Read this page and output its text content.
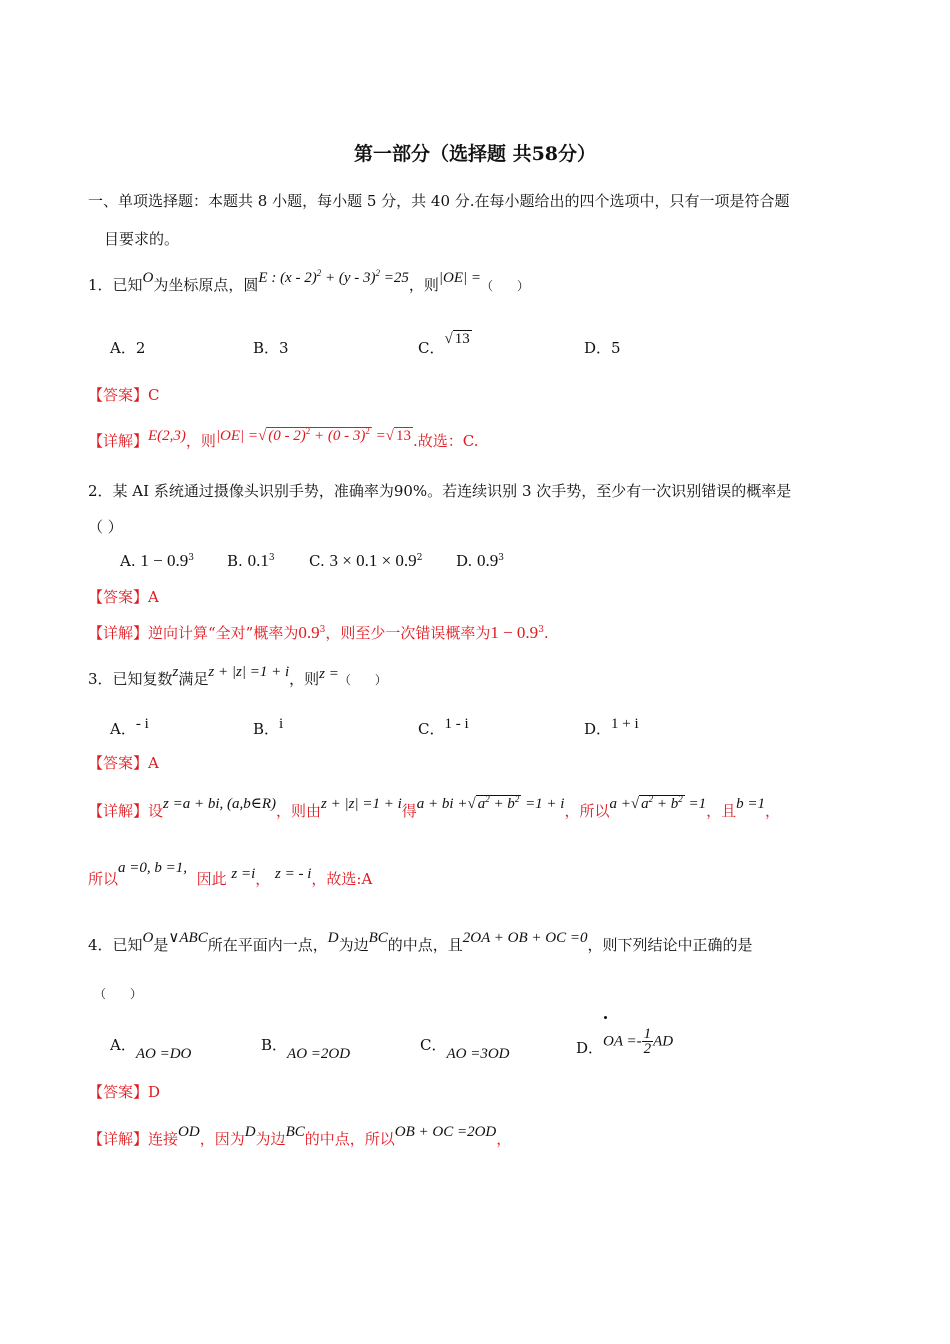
第一部分（选择题 共58分）
一、单项选择题：本题共 8 小题，每小题 5 分，共 40 分.在每小题给出的四个选项中，只有一项是符合题
目要求的。
1．已知O为坐标原点，圆E : (x - 2)$^2$ + (y - 3)$^2$ =25，则|OE| =（　　）
A．2	B．3	C．√ 13	D．5
【答案】C
【详解】E(2,3)，则|OE| =√ (0 - 2)$^2$ + (0 - 3)$^2$ =√ 13 .故选：C.
2．某 AI 系统通过摄像头识别手势，准确率为90%。若连续识别 3 次手势，至少有一次识别错误的概率是
（ ）
A. $1 - 0.9^3$ B. $0.1^3$ C. $3 \times 0.1 \times 0.9^2$ D. $0.9^3$
【答案】A
【详解】逆向计算“全对”概率为$0.9^3$，则至少一次错误概率为$1 - 0.9^3$.
3．已知复数z满足z + |z| =1 + i，则z =（　　）
A．- i	B．i	C．1 - i	D．1 + i
【答案】A
【详解】设z =a + bi, (a,b∈R)，则由z + |z| =1 + i得a + bi +√ $a^2 + b^2 =1 + i$，所以a +√ $a^2 + b^2 =1$，且b =1，
所以a =0, b =1,  因此 z =i， z = - i，故选:A
4．已知O是∨ABC所在平面内一点，D为边BC的中点，且2OA + OB + OC =0，则下列结论中正确的是
（　　）
A．AO =DO	B．AO =2OD	C．AO =3OD	D．OA =- $\frac{1}{2}$ AD
【答案】D
【详解】连接OD，因为D为边BC的中点，所以OB + OC =2OD，
